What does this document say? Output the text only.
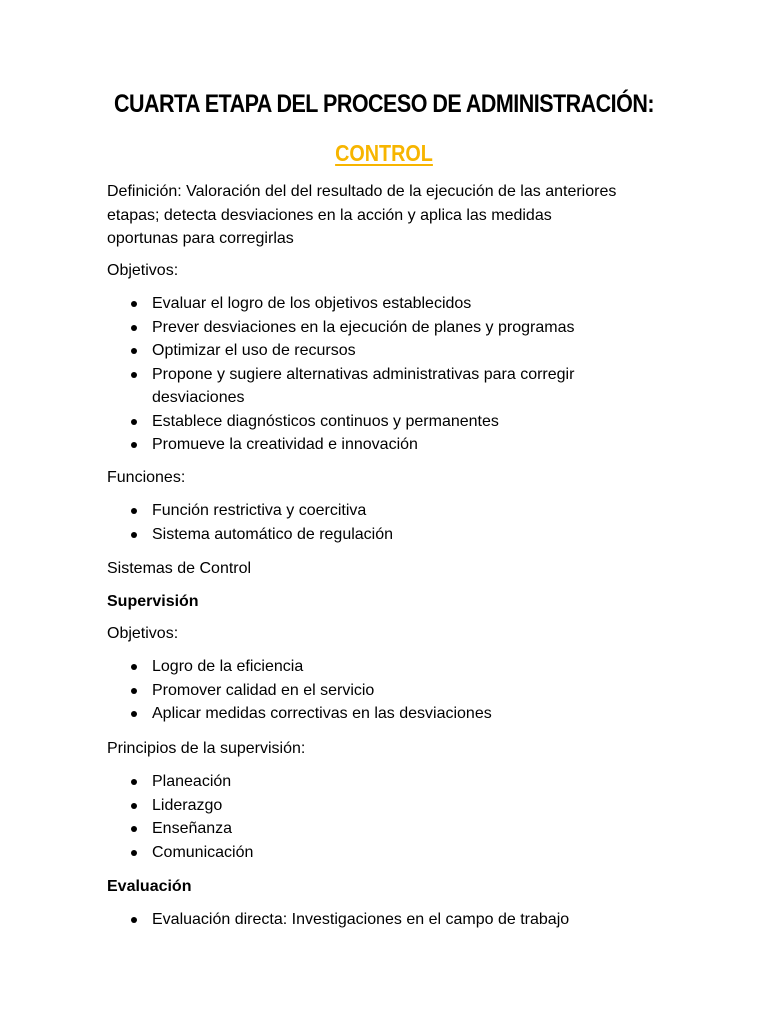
CUARTA ETAPA DEL PROCESO DE ADMINISTRACIÓN:
CONTROL
Definición: Valoración del del resultado de la ejecución de las anteriores etapas; detecta desviaciones en la acción y aplica las medidas oportunas para corregirlas
Objetivos:
Evaluar el logro de los objetivos establecidos
Prever desviaciones en la ejecución de planes y programas
Optimizar el uso de recursos
Propone y sugiere alternativas administrativas para corregir desviaciones
Establece diagnósticos continuos y permanentes
Promueve la creatividad e innovación
Funciones:
Función restrictiva y coercitiva
Sistema automático de regulación
Sistemas de Control
Supervisión
Objetivos:
Logro de la eficiencia
Promover calidad en el servicio
Aplicar medidas correctivas en las desviaciones
Principios de la supervisión:
Planeación
Liderazgo
Enseñanza
Comunicación
Evaluación
Evaluación directa: Investigaciones en el campo de trabajo
